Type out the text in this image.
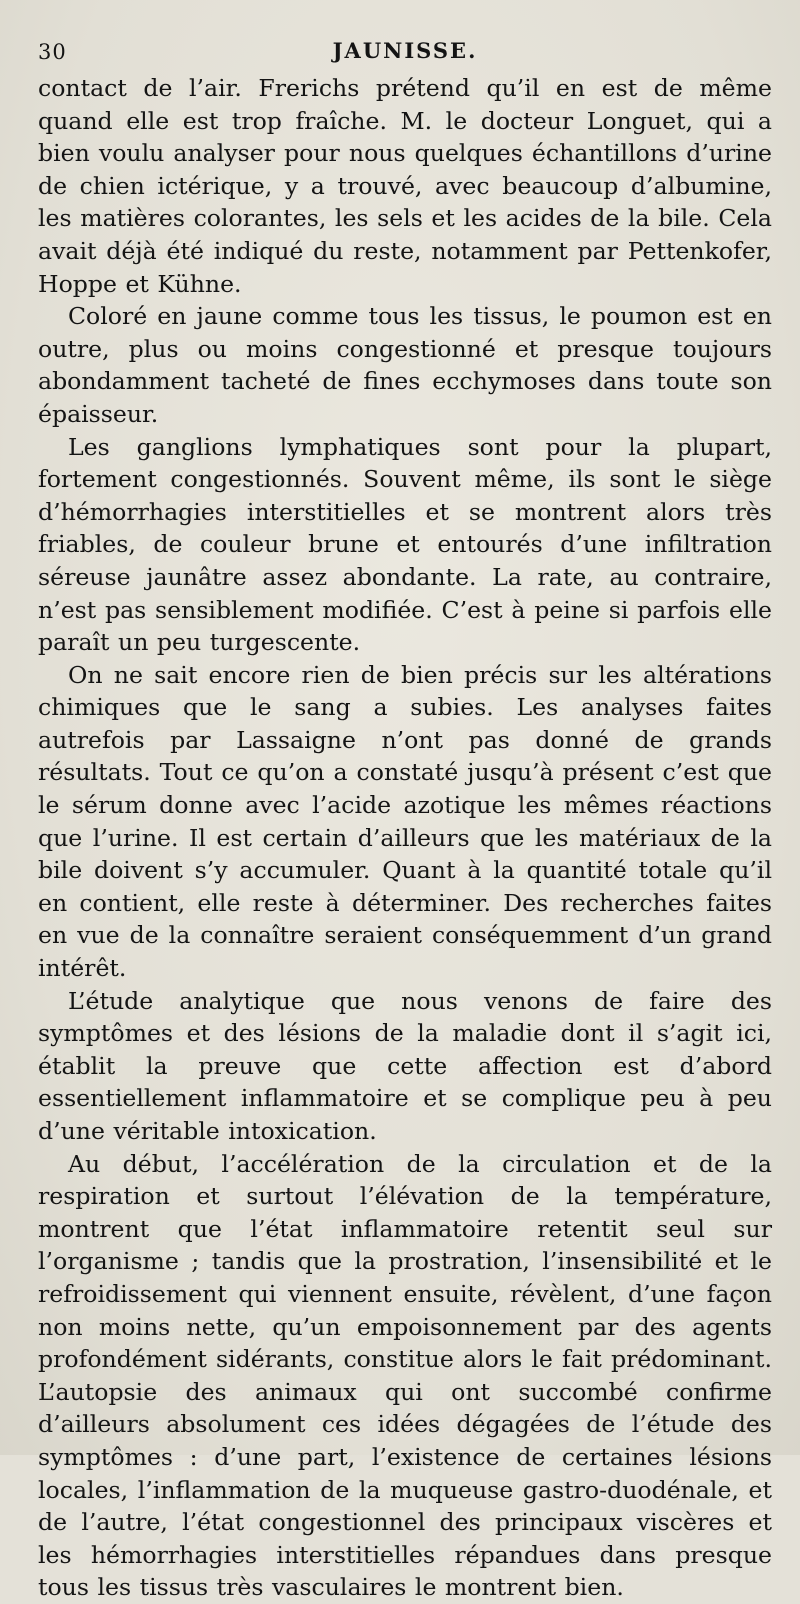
30	JAUNISSE.

contact de l’air. Frerichs prétend qu’il en est de même quand elle est trop fraîche. M. le docteur Longuet, qui a bien voulu analyser pour nous quelques échantillons d’urine de chien ictérique, y a trouvé, avec beaucoup d’albumine, les matières colorantes, les sels et les acides de la bile. Cela avait déjà été indiqué du reste, notamment par Pettenkofer, Hoppe et Kühne.

Coloré en jaune comme tous les tissus, le poumon est en outre, plus ou moins congestionné et presque toujours abondamment tacheté de fines ecchymoses dans toute son épaisseur.

Les ganglions lymphatiques sont pour la plupart, fortement congestionnés. Souvent même, ils sont le siège d’hémorrhagies interstitielles et se montrent alors très friables, de couleur brune et entourés d’une infiltration séreuse jaunâtre assez abondante. La rate, au contraire, n’est pas sensiblement modifiée. C’est à peine si parfois elle paraît un peu turgescente.

On ne sait encore rien de bien précis sur les altérations chimiques que le sang a subies. Les analyses faites autrefois par Lassaigne n’ont pas donné de grands résultats. Tout ce qu’on a constaté jusqu’à présent c’est que le sérum donne avec l’acide azotique les mêmes réactions que l’urine. Il est certain d’ailleurs que les matériaux de la bile doivent s’y accumuler. Quant à la quantité totale qu’il en contient, elle reste à déterminer. Des recherches faites en vue de la connaître seraient conséquemment d’un grand intérêt.

L’étude analytique que nous venons de faire des symptômes et des lésions de la maladie dont il s’agit ici, établit la preuve que cette affection est d’abord essentiellement inflammatoire et se complique peu à peu d’une véritable intoxication.

Au début, l’accélération de la circulation et de la respiration et surtout l’élévation de la température, montrent que l’état inflammatoire retentit seul sur l’organisme ; tandis que la prostration, l’insensibilité et le refroidissement qui viennent ensuite, révèlent, d’une façon non moins nette, qu’un empoisonnement par des agents profondément sidérants, constitue alors le fait prédominant. L’autopsie des animaux qui ont succombé confirme d’ailleurs absolument ces idées dégagées de l’étude des symptômes : d’une part, l’existence de certaines lésions locales, l’inflammation de la muqueuse gastro-duodénale, et de l’autre, l’état congestionnel des principaux viscères et les hémorrhagies interstitielles répandues dans presque tous les tissus très vasculaires le montrent bien.
